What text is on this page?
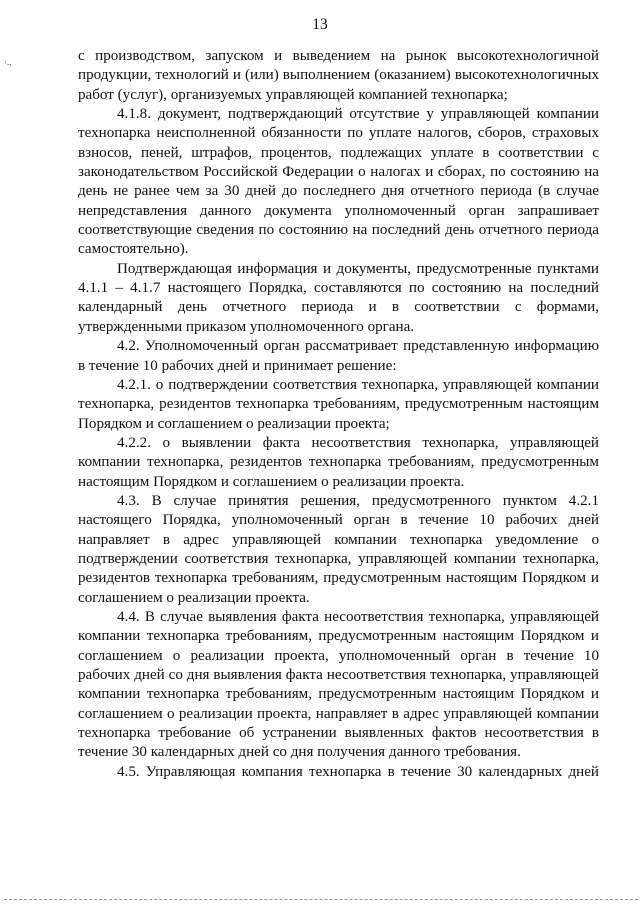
13
·.,	с производством, запуском и выведением на рынок высокотехнологичной продукции, технологий и (или) выполнением (оказанием) высокотехнологичных работ (услуг), организуемых управляющей компанией технопарка;

4.1.8. документ, подтверждающий отсутствие у управляющей компании технопарка неисполненной обязанности по уплате налогов, сборов, страховых взносов, пеней, штрафов, процентов, подлежащих уплате в соответствии с законодательством Российской Федерации о налогах и сборах, по состоянию на день не ранее чем за 30 дней до последнего дня отчетного периода (в случае непредставления данного документа уполномоченный орган запрашивает соответствующие сведения по состоянию на последний день отчетного периода самостоятельно).

Подтверждающая информация и документы, предусмотренные пунктами 4.1.1 – 4.1.7 настоящего Порядка, составляются по состоянию на последний календарный день отчетного периода и в соответствии с формами, утвержденными приказом уполномоченного органа.

4.2. Уполномоченный орган рассматривает представленную информацию в течение 10 рабочих дней и принимает решение:

4.2.1. о подтверждении соответствия технопарка, управляющей компании технопарка, резидентов технопарка требованиям, предусмотренным настоящим Порядком и соглашением о реализации проекта;

4.2.2. о выявлении факта несоответствия технопарка, управляющей компании технопарка, резидентов технопарка требованиям, предусмотренным настоящим Порядком и соглашением о реализации проекта.

4.3. В случае принятия решения, предусмотренного пунктом 4.2.1 настоящего Порядка, уполномоченный орган в течение 10 рабочих дней направляет в адрес управляющей компании технопарка уведомление о подтверждении соответствия технопарка, управляющей компании технопарка, резидентов технопарка требованиям, предусмотренным настоящим Порядком и соглашением о реализации проекта.

4.4. В случае выявления факта несоответствия технопарка, управляющей компании технопарка требованиям, предусмотренным настоящим Порядком и соглашением о реализации проекта, уполномоченный орган в течение 10 рабочих дней со дня выявления факта несоответствия технопарка, управляющей компании технопарка требованиям, предусмотренным настоящим Порядком и соглашением о реализации проекта, направляет в адрес управляющей компании технопарка требование об устранении выявленных фактов несоответствия в течение 30 календарных дней со дня получения данного требования.

4.5. Управляющая компания технопарка в течение 30 календарных дней
